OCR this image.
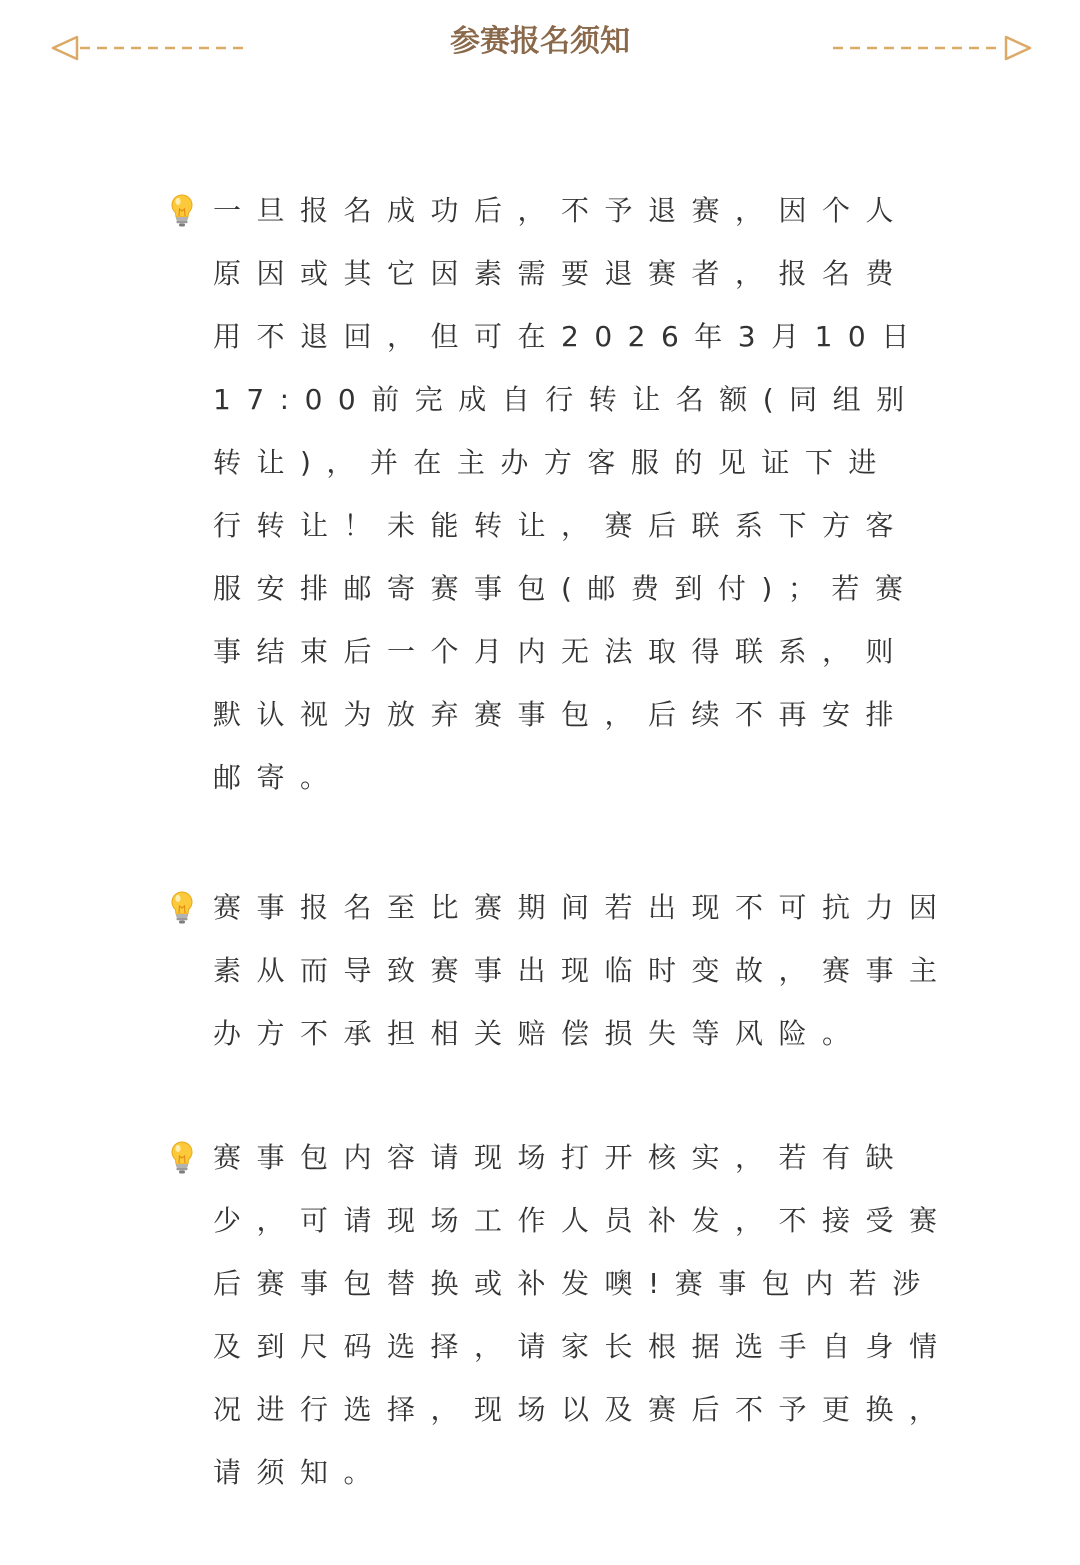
参赛报名须知
一旦报名成功后，不予退赛，因个人
原因或其它因素需要退赛者，报名费
用不退回，但可在2026年3月10日
17:00前完成自行转让名额(同组别
转让)，并在主办方客服的见证下进
行转让！未能转让，赛后联系下方客
服安排邮寄赛事包(邮费到付)；若赛
事结束后一个月内无法取得联系，则
默认视为放弃赛事包，后续不再安排
邮寄。
赛事报名至比赛期间若出现不可抗力因
素从而导致赛事出现临时变故，赛事主
办方不承担相关赔偿损失等风险。
赛事包内容请现场打开核实，若有缺
少，可请现场工作人员补发，不接受赛
后赛事包替换或补发噢!赛事包内若涉
及到尺码选择，请家长根据选手自身情
况进行选择，现场以及赛后不予更换，
请须知。
